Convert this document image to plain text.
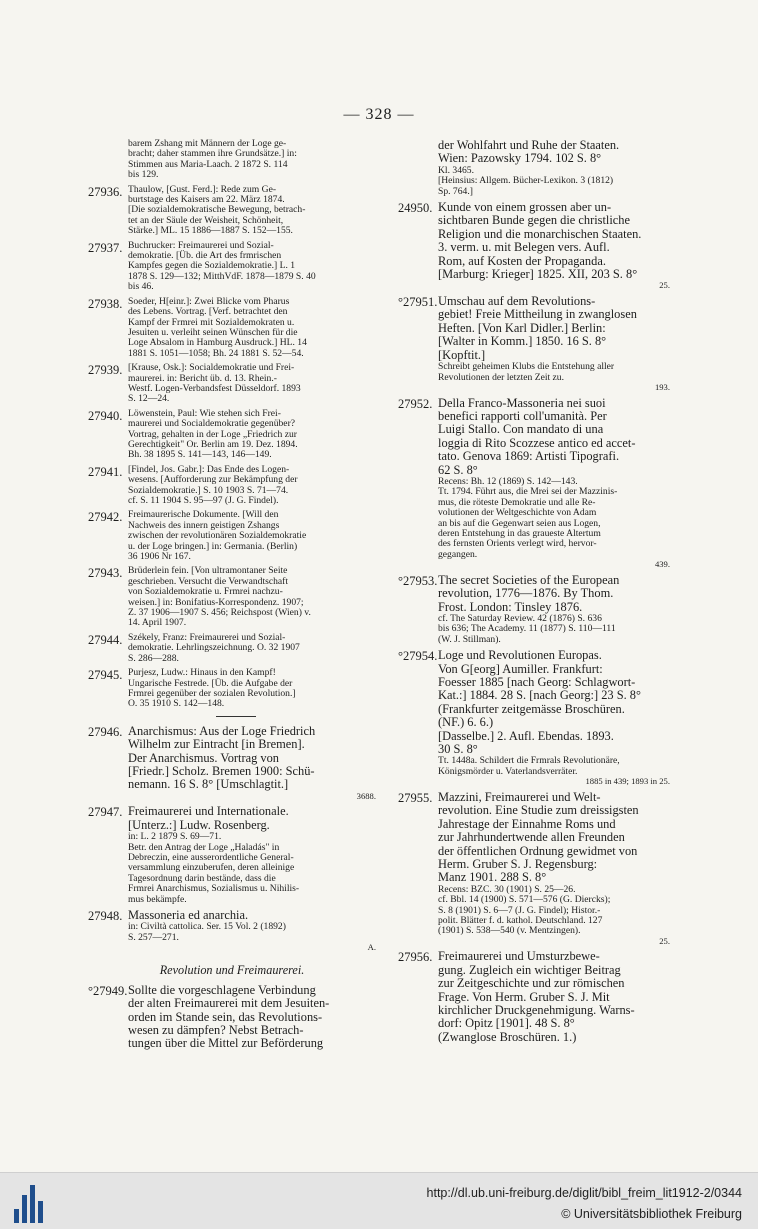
— 328 —
barem Zshang mit Männern der Loge ge-
bracht; daher stammen ihre Grundsätze.] in:
Stimmen aus Maria-Laach. 2 1872 S. 114
bis 129.
27936. Thaulow, [Gust. Ferd.]: Rede zum Ge-
burtstage des Kaisers am 22. März 1874.
[Die sozialdemokratische Bewegung, betrach-
tet an der Säule der Weisheit, Schönheit,
Stärke.] ML. 15 1886—1887 S. 152—155.
27937. Buchrucker: Freimaurerei und Sozial-
demokratie. [Üb. die Art des frmrischen
Kampfes gegen die Sozialdemokratie.] L. 1
1878 S. 129—132; MitthVdF. 1878—1879 S. 40
bis 46.
27938. Soeder, H[einr.]: Zwei Blicke vom Pharus
des Lebens. Vortrag. [Verf. betrachtet den
Kampf der Frmrei mit Sozialdemokraten u.
Jesuiten u. verleiht seinen Wünschen für die
Loge Absalom in Hamburg Ausdruck.] HL. 14
1881 S. 1051—1058; Bh. 24 1881 S. 52—54.
27939. [Krause, Osk.]: Socialdemokratie und Frei-
maurerei. in: Bericht üb. d. 13. Rhein.-
Westf. Logen-Verbandsfest Düsseldorf. 1893
S. 12—24.
27940. Löwenstein, Paul: Wie stehen sich Frei-
maurerei und Socialdemokratie gegenüber?
Vortrag, gehalten in der Loge „Friedrich zur
Gerechtigkeit" Or. Berlin am 19. Dez. 1894.
Bh. 38 1895 S. 141—143, 146—149.
27941. [Findel, Jos. Gabr.]: Das Ende des Logen-
wesens. [Aufforderung zur Bekämpfung der
Sozialdemokratie.] S. 10 1903 S. 71—74.
cf. S. 11 1904 S. 95—97 (J. G. Findel).
27942. Freimaurerische Dokumente. [Will den
Nachweis des innern geistigen Zshangs
zwischen der revolutionären Sozialdemokratie
u. der Loge bringen.] in: Germania. (Berlin)
36 1906 Nr 167.
27943. Brüderlein fein. [Von ultramontaner Seite
geschrieben. Versucht die Verwandtschaft
von Sozialdemokratie u. Frmrei nachzu-
weisen.] in: Bonifatius-Korrespondenz. 1907;
Z. 37 1906—1907 S. 456; Reichspost (Wien) v.
14. April 1907.
27944. Székely, Franz: Freimaurerei und Sozial-
demokratie. Lehrlingszeichnung. O. 32 1907
S. 286—288.
27945. Purjesz, Ludw.: Hinaus in den Kampf!
Ungarische Festrede. [Üb. die Aufgabe der
Frmrei gegenüber der sozialen Revolution.]
O. 35 1910 S. 142—148.
27946. Anarchismus: Aus der Loge Friedrich
Wilhelm zur Eintracht [in Bremen].
Der Anarchismus. Vortrag von
[Friedr.] Scholz. Bremen 1900: Schü-
nemann. 16 S. 8° [Umschlagtit.]
3688.
27947. Freimaurerei und Internationale.
[Unterz.:] Ludw. Rosenberg.
in: L. 2 1879 S. 69—71.
Betr. den Antrag der Loge „Haladás" in
Debreczin, eine ausserordentliche General-
versammlung einzuberufen, deren alleinige
Tagesordnung darin bestände, dass die
Frmrei Anarchismus, Sozialismus u. Nihilis-
mus bekämpfe.
27948. Massoneria ed anarchia.
in: Civiltà cattolica. Ser. 15 Vol. 2 (1892)
S. 257—271.
A.
Revolution und Freimaurerei.
°27949. Sollte die vorgeschlagene Verbindung
der alten Freimaurerei mit dem Jesuiten-
orden im Stande sein, das Revolutions-
wesen zu dämpfen? Nebst Betrach-
tungen über die Mittel zur Beförderung
der Wohlfahrt und Ruhe der Staaten.
Wien: Pazowsky 1794. 102 S. 8°
Kl. 3465.
[Heinsius: Allgem. Bücher-Lexikon. 3 (1812)
Sp. 764.]
24950. Kunde von einem grossen aber un-
sichtbaren Bunde gegen die christliche
Religion und die monarchischen Staaten.
3. verm. u. mit Belegen vers. Aufl.
Rom, auf Kosten der Propaganda.
[Marburg: Krieger] 1825. XII, 203 S. 8°
25.
°27951. Umschau auf dem Revolutions-
gebiet! Freie Mittheilung in zwanglosen
Heften. [Von Karl Didler.] Berlin:
[Walter in Komm.] 1850. 16 S. 8°
[Kopftit.]
Schreibt geheimen Klubs die Entstehung aller
Revolutionen der letzten Zeit zu.
193.
27952. Della Franco-Massoneria nei suoi
benefici rapporti coll'umanità. Per
Luigi Stallo. Con mandato di una
loggia di Rito Scozzese antico ed accet-
tato. Genova 1869: Artisti Tipografi.
62 S. 8°
Recens: Bh. 12 (1869) S. 142—143.
Tt. 1794. Führt aus, die Mrei sei der Mazzinis-
mus, die röteste Demokratie und alle Re-
volutionen der Weltgeschichte von Adam
an bis auf die Gegenwart seien aus Logen,
deren Entstehung in das graueste Altertum
des fernsten Orients verlegt wird, hervor-
gegangen.
439.
°27953. The secret Societies of the European
revolution, 1776—1876. By Thom.
Frost. London: Tinsley 1876.
cf. The Saturday Review. 42 (1876) S. 636
bis 636; The Academy. 11 (1877) S. 110—111
(W. J. Stillman).
°27954. Loge und Revolutionen Europas.
Von G[eorg] Aumiller. Frankfurt:
Foesser 1885 [nach Georg: Schlagwort-
Kat.:] 1884. 28 S. [nach Georg:] 23 S. 8°
(Frankfurter zeitgemässe Broschüren.
(NF.) 6. 6.)
[Dasselbe.] 2. Aufl. Ebendas. 1893.
30 S. 8°
Tt. 1448a. Schildert die Frmrals Revolutionäre,
Königsmörder u. Vaterlandsverräter.
1885 in 439; 1893 in 25.
27955. Mazzini, Freimaurerei und Welt-
revolution. Eine Studie zum dreissigsten
Jahrestage der Einnahme Roms und
zur Jahrhundertwende allen Freunden
der öffentlichen Ordnung gewidmet von
Herm. Gruber S. J. Regensburg:
Manz 1901. 288 S. 8°
Recens: BZC. 30 (1901) S. 25—26.
cf. Bbl. 14 (1900) S. 571—576 (G. Diercks);
S. 8 (1901) S. 6—7 (J. G. Findel); Histor.-
polit. Blätter f. d. kathol. Deutschland. 127
(1901) S. 538—540 (v. Mentzingen).
25.
27956. Freimaurerei und Umsturzbewe-
gung. Zugleich ein wichtiger Beitrag
zur Zeitgeschichte und zur römischen
Frage. Von Herm. Gruber S. J. Mit
kirchlicher Druckgenehmigung. Warns-
dorf: Opitz [1901]. 48 S. 8°
(Zwanglose Broschüren. 1.)
http://dl.ub.uni-freiburg.de/diglit/bibl_freim_lit1912-2/0344
© Universitätsbibliothek Freiburg
